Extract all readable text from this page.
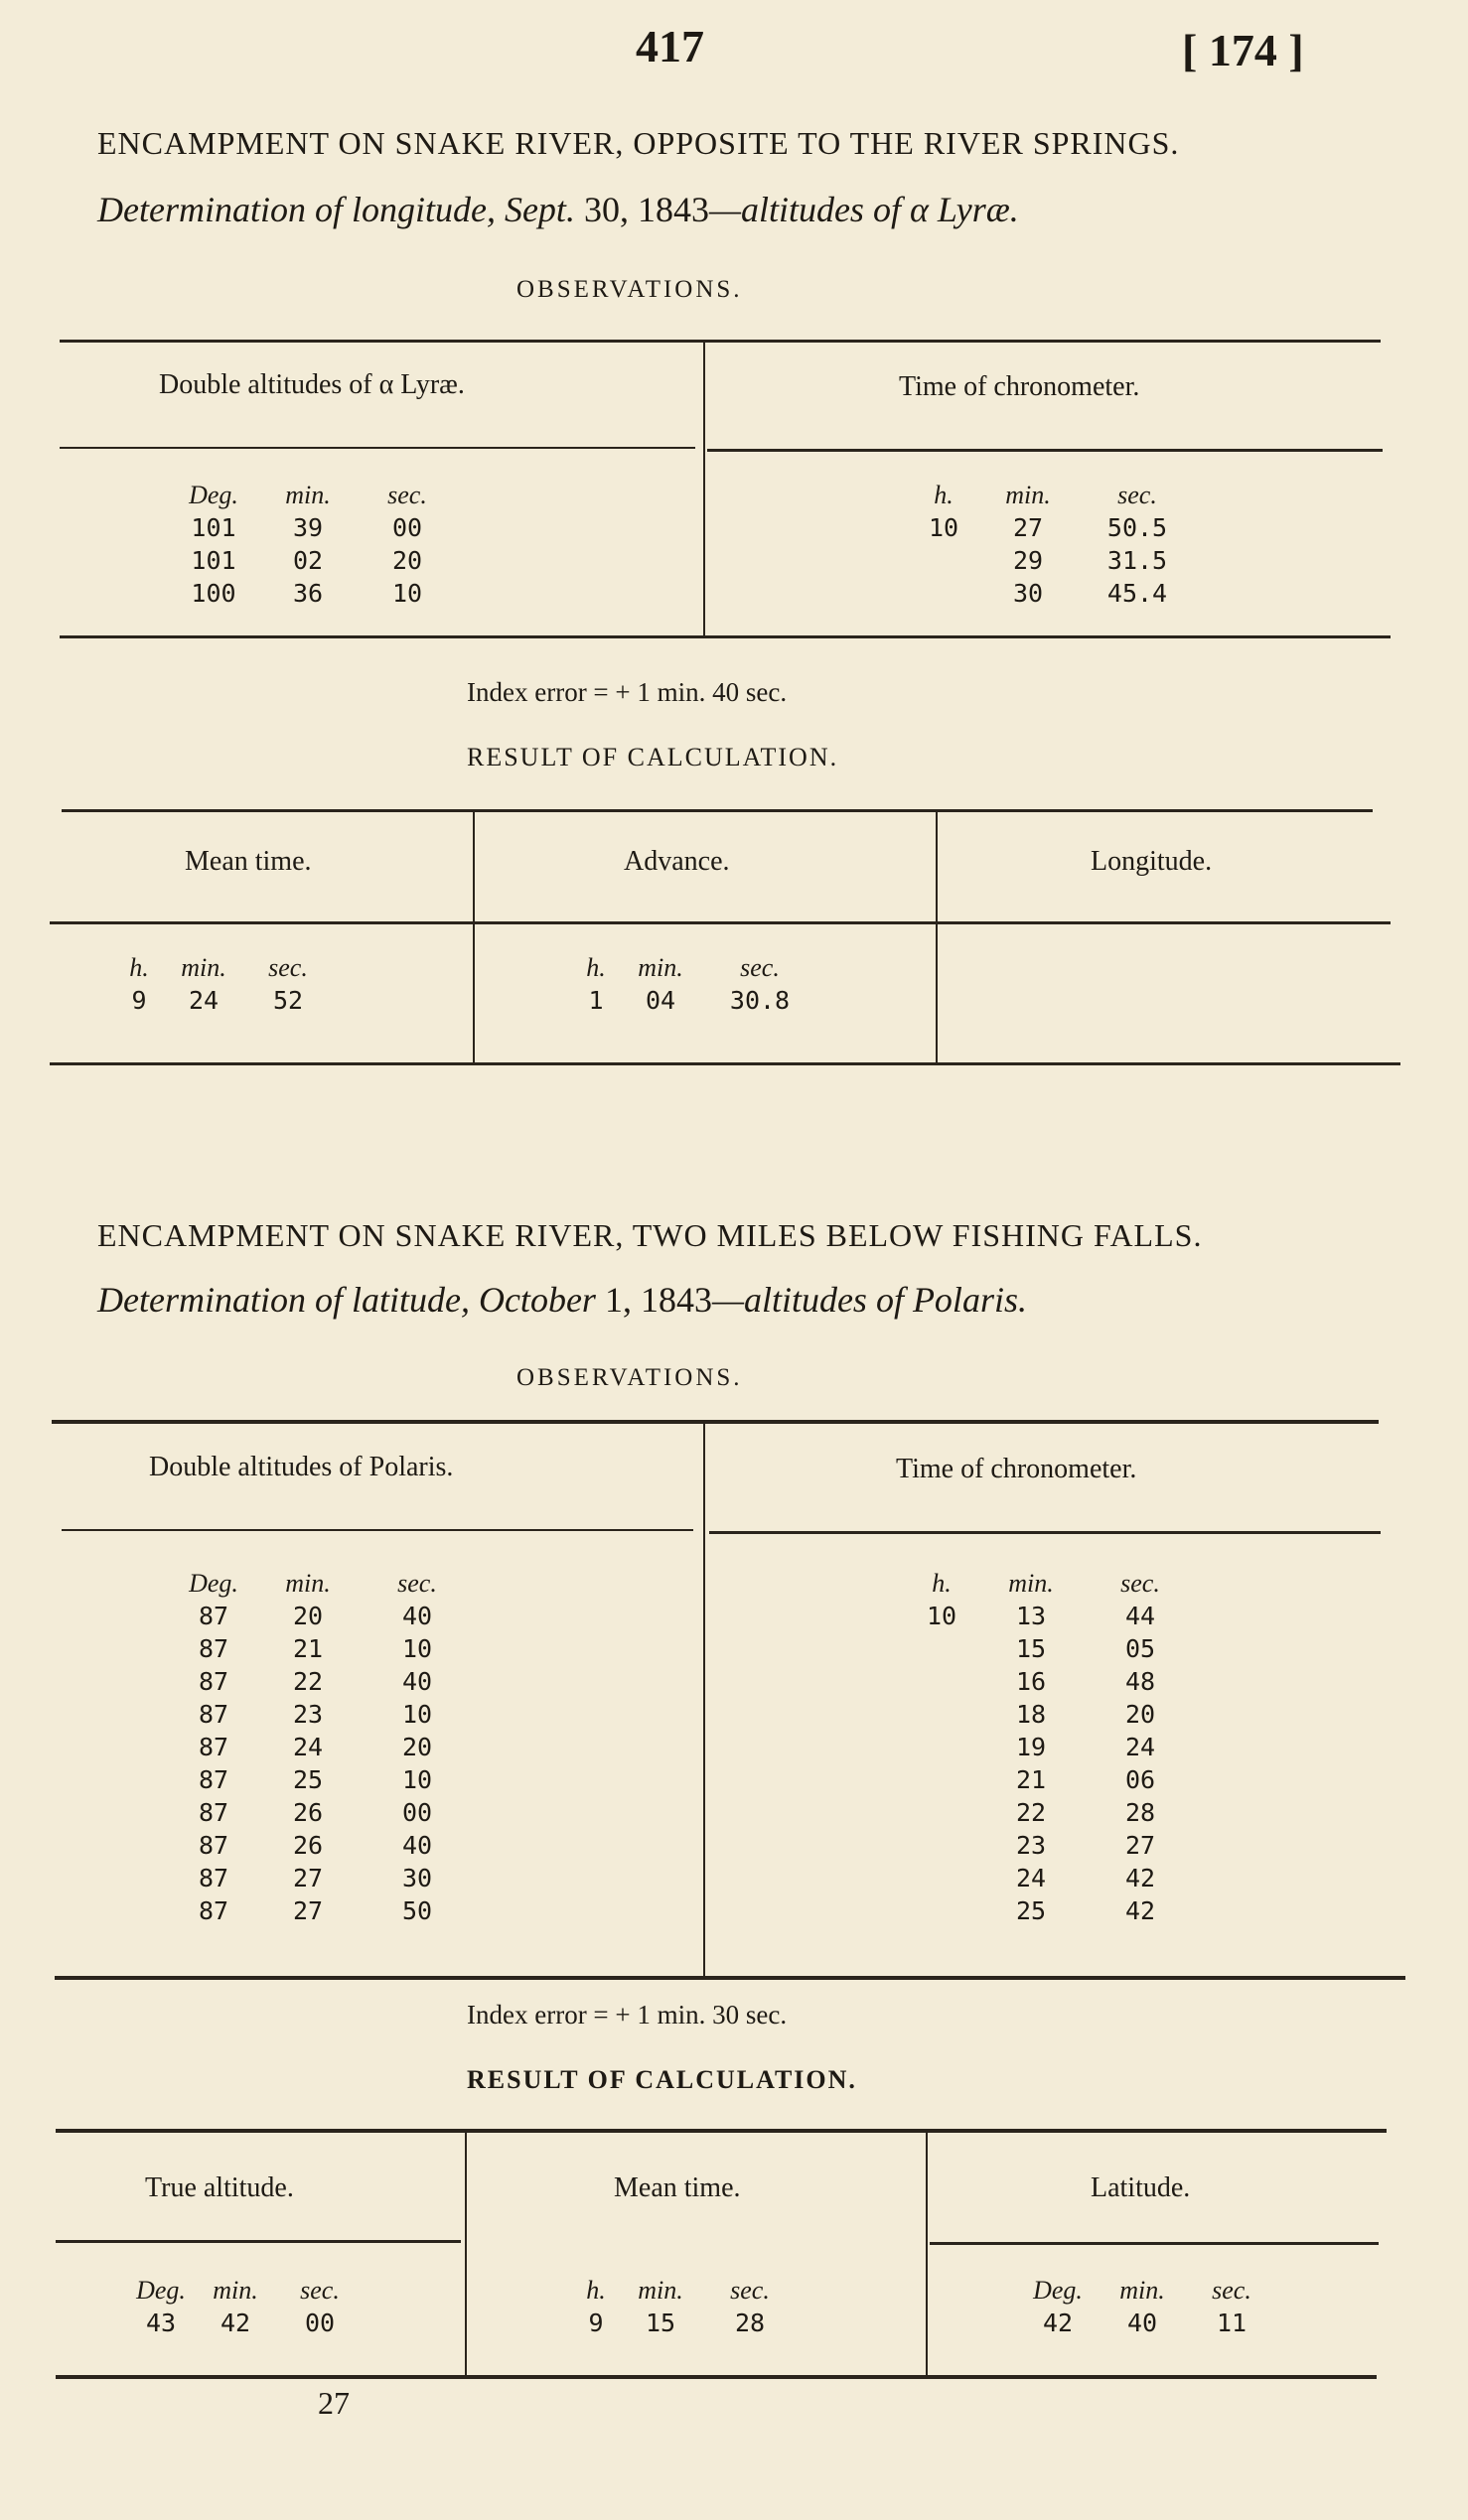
417	[ 174 ]
ENCAMPMENT ON SNAKE RIVER, OPPOSITE TO THE RIVER SPRINGS.
Determination of longitude, Sept. 30, 1843—altitudes of α Lyræ.
OBSERVATIONS.
Double altitudes of α Lyræ.	Time of chronometer.
Deg.	min.	sec.
101	39	00
101	02	20
100	36	10
h.	min.	sec.
10	27	50.5
	29	31.5
	30	45.4
Index error = + 1 min. 40 sec.
RESULT OF CALCULATION.
Mean time.	Advance.	Longitude.
h.	min.	sec.
9	24	52
h.	min.	sec.
1	04	30.8
ENCAMPMENT ON SNAKE RIVER, TWO MILES BELOW FISHING FALLS.
Determination of latitude, October 1, 1843—altitudes of Polaris.
OBSERVATIONS.
Double altitudes of Polaris.	Time of chronometer.
Deg.	min.	sec.
87	20	40
87	21	10
87	22	40
87	23	10
87	24	20
87	25	10
87	26	00
87	26	40
87	27	30
87	27	50
h.	min.	sec.
10	13	44
	15	05
	16	48
	18	20
	19	24
	21	06
	22	28
	23	27
	24	42
	25	42
Index error = + 1 min. 30 sec.
RESULT OF CALCULATION.
True altitude.	Mean time.	Latitude.
Deg.	min.	sec.
43	42	00
h.	min.	sec.
9	15	28
Deg.	min.	sec.
42	40	11
27
